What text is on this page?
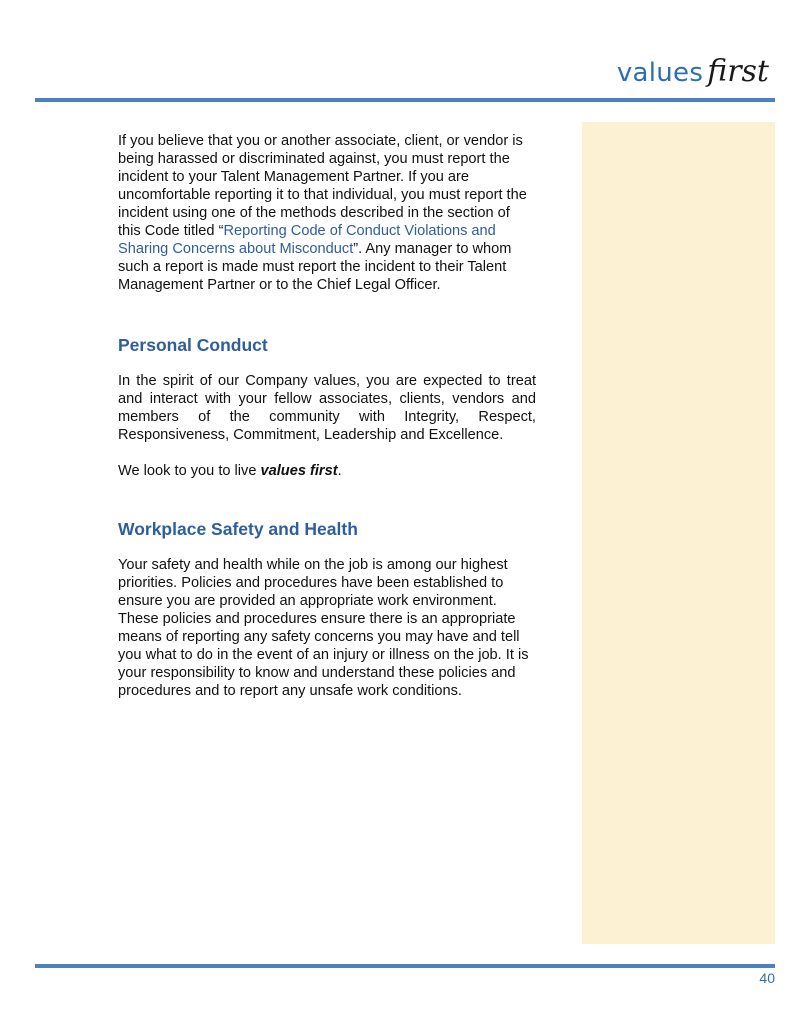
values first

If you believe that you or another associate, client, or vendor is being harassed or discriminated against, you must report the incident to your Talent Management Partner. If you are uncomfortable reporting it to that individual, you must report the incident using one of the methods described in the section of this Code titled “Reporting Code of Conduct Violations and Sharing Concerns about Misconduct”. Any manager to whom such a report is made must report the incident to their Talent Management Partner or to the Chief Legal Officer.

Personal Conduct

In the spirit of our Company values, you are expected to treat and interact with your fellow associates, clients, vendors and members of the community with Integrity, Respect, Responsiveness, Commitment, Leadership and Excellence.

We look to you to live values first.

Workplace Safety and Health

Your safety and health while on the job is among our highest priorities. Policies and procedures have been established to ensure you are provided an appropriate work environment. These policies and procedures ensure there is an appropriate means of reporting any safety concerns you may have and tell you what to do in the event of an injury or illness on the job. It is your responsibility to know and understand these policies and procedures and to report any unsafe work conditions.

40
